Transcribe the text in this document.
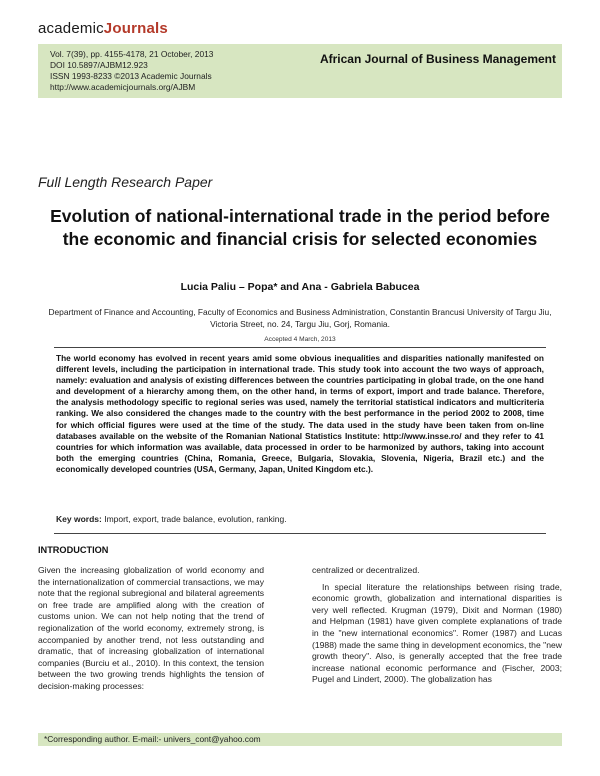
academicJournals
Vol. 7(39), pp. 4155-4178, 21 October, 2013
DOI 10.5897/AJBM12.923
ISSN 1993-8233 ©2013 Academic Journals
http://www.academicjournals.org/AJBM
African Journal of Business Management
Full Length Research Paper
Evolution of national-international trade in the period before the economic and financial crisis for selected economies
Lucia Paliu – Popa* and Ana - Gabriela Babucea
Department of Finance and Accounting, Faculty of Economics and Business Administration, Constantin Brancusi University of Targu Jiu, Victoria Street, no. 24, Targu Jiu, Gorj, Romania.
Accepted 4 March, 2013
The world economy has evolved in recent years amid some obvious inequalities and disparities nationally manifested on different levels, including the participation in international trade. This study took into account the two ways of approach, namely: evaluation and analysis of existing differences between the countries participating in global trade, on the one hand and development of a hierarchy among them, on the other hand, in terms of export, import and trade balance. Therefore, the analysis methodology specific to regional series was used, namely the territorial statistical indicators and multicriteria ranking. We also considered the changes made to the country with the best performance in the period 2002 to 2008, time for which official figures were used at the time of the study. The data used in the study have been taken from on-line databases available on the website of the Romanian National Statistics Institute: http://www.insse.ro/ and they refer to 41 countries for which information was available, data processed in order to be harmonized by authors, taking into account both the emerging countries (China, Romania, Greece, Bulgaria, Slovakia, Slovenia, Nigeria, Brazil etc.) and the economically developed countries (USA, Germany, Japan, United Kingdom etc.).
Key words: Import, export, trade balance, evolution, ranking.
INTRODUCTION

Given the increasing globalization of world economy and the internationalization of commercial transactions, we may note that the regional subregional and bilateral agreements on free trade are amplified along with the creation of customs union. We can not help noting that the trend of regionalization of the world economy, extremely strong, is accompanied by another trend, not less outstanding and dramatic, that of increasing globalization of international companies (Burciu et al., 2010). In this context, the tension between the two growing trends highlights the tension of decision-making processes:

centralized or decentralized.

In special literature the relationships between rising trade, economic growth, globalization and international disparities is very well reflected. Krugman (1979), Dixit and Norman (1980) and Helpman (1981) have given complete explanations of trade in the "new international economics". Romer (1987) and Lucas (1988) made the same thing in development economics, the "new growth theory". Also, is generally accepted that the free trade increase national economic performance and (Fischer, 2003; Pugel and Lindert, 2000). The globalization has

*Corresponding author. E-mail:- univers_cont@yahoo.com
